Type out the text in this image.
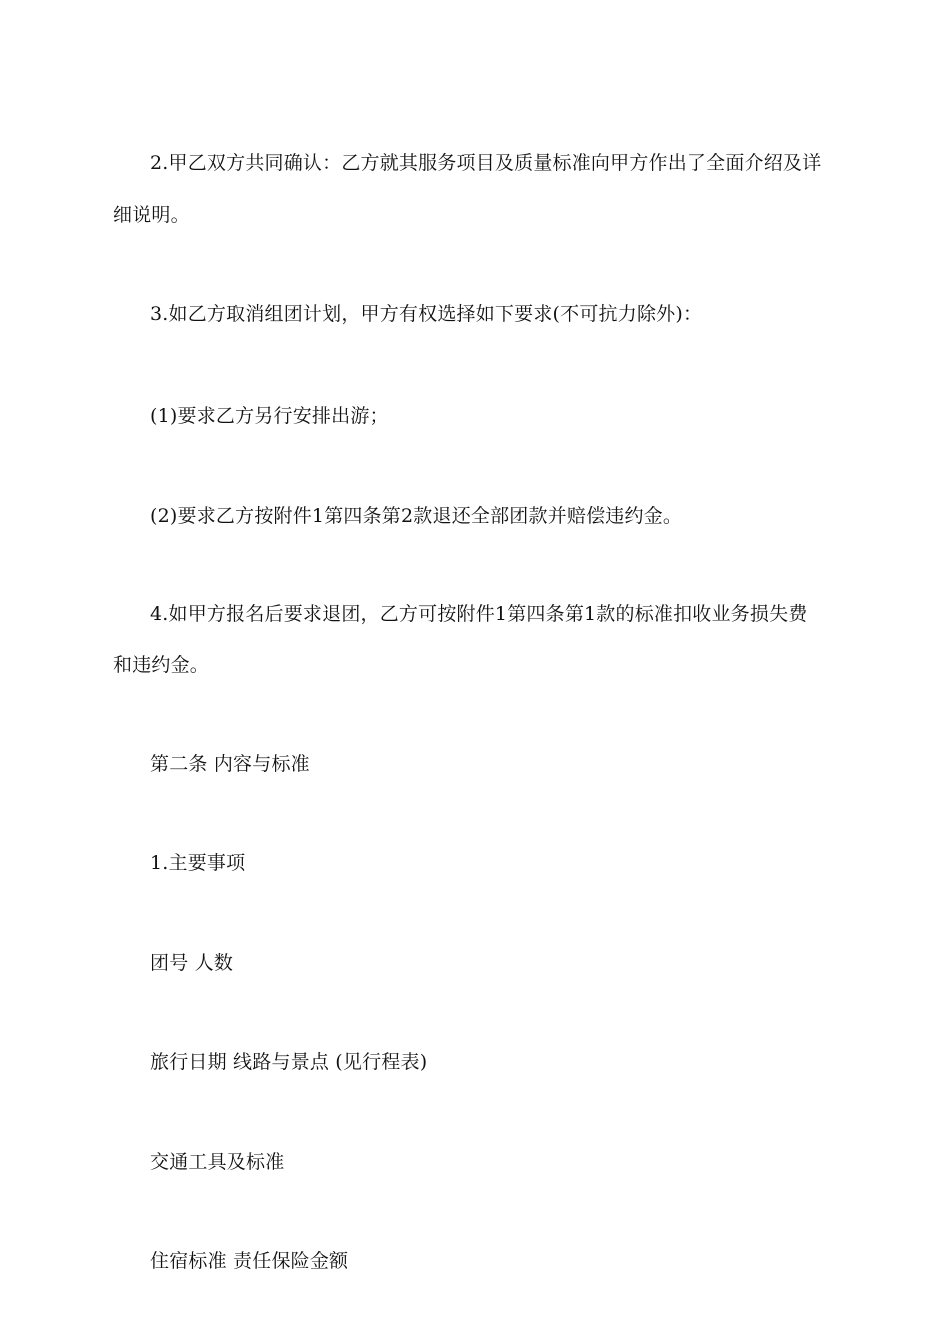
2.甲乙双方共同确认：乙方就其服务项目及质量标准向甲方作出了全面介绍及详
细说明。
3.如乙方取消组团计划，甲方有权选择如下要求(不可抗力除外)：
(1)要求乙方另行安排出游；
(2)要求乙方按附件1第四条第2款退还全部团款并赔偿违约金。
4.如甲方报名后要求退团，乙方可按附件1第四条第1款的标准扣收业务损失费
和违约金。
第二条 内容与标准
1.主要事项
团号 人数
旅行日期 线路与景点 (见行程表)
交通工具及标准
住宿标准 责任保险金额
